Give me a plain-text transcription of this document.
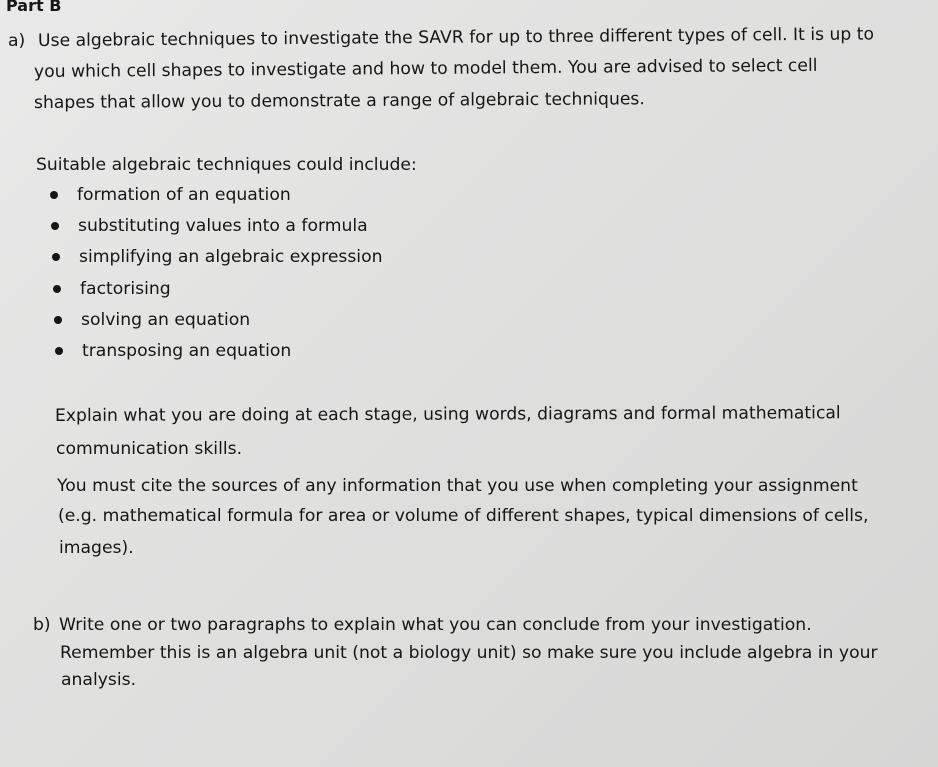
Part B
a) Use algebraic techniques to investigate the SAVR for up to three different types of cell. It is up to
you which cell shapes to investigate and how to model them. You are advised to select cell
shapes that allow you to demonstrate a range of algebraic techniques.
Suitable algebraic techniques could include:
formation of an equation
substituting values into a formula
simplifying an algebraic expression
factorising
solving an equation
transposing an equation
Explain what you are doing at each stage, using words, diagrams and formal mathematical
communication skills.
You must cite the sources of any information that you use when completing your assignment
(e.g. mathematical formula for area or volume of different shapes, typical dimensions of cells,
images).
b) Write one or two paragraphs to explain what you can conclude from your investigation.
Remember this is an algebra unit (not a biology unit) so make sure you include algebra in your
analysis.
